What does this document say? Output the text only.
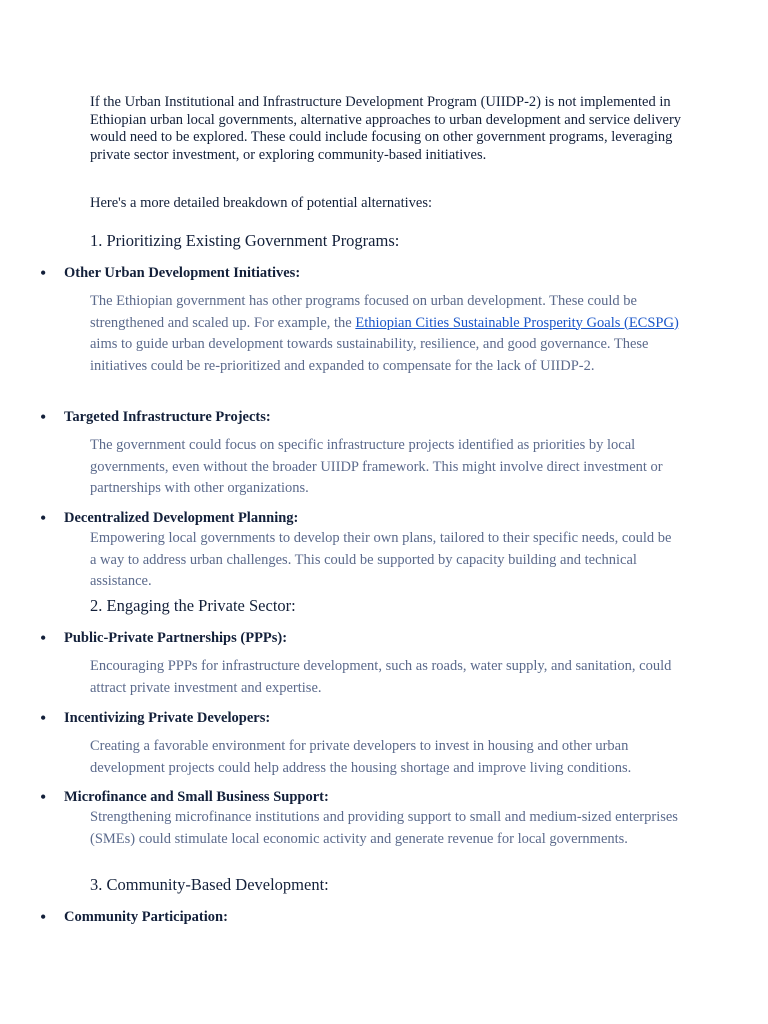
If the Urban Institutional and Infrastructure Development Program (UIIDP-2) is not implemented in Ethiopian urban local governments, alternative approaches to urban development and service delivery would need to be explored. These could include focusing on other government programs, leveraging private sector investment, or exploring community-based initiatives.

Here's a more detailed breakdown of potential alternatives:

1. Prioritizing Existing Government Programs:
• Other Urban Development Initiatives:

The Ethiopian government has other programs focused on urban development. These could be strengthened and scaled up. For example, the Ethiopian Cities Sustainable Prosperity Goals (ECSPG) aims to guide urban development towards sustainability, resilience, and good governance. These initiatives could be re-prioritized and expanded to compensate for the lack of UIIDP-2.

• Targeted Infrastructure Projects:

The government could focus on specific infrastructure projects identified as priorities by local governments, even without the broader UIIDP framework. This might involve direct investment or partnerships with other organizations.

• Decentralized Development Planning:

Empowering local governments to develop their own plans, tailored to their specific needs, could be a way to address urban challenges. This could be supported by capacity building and technical assistance.

2. Engaging the Private Sector:
• Public-Private Partnerships (PPPs):

Encouraging PPPs for infrastructure development, such as roads, water supply, and sanitation, could attract private investment and expertise.

• Incentivizing Private Developers:

Creating a favorable environment for private developers to invest in housing and other urban development projects could help address the housing shortage and improve living conditions.

• Microfinance and Small Business Support:

Strengthening microfinance institutions and providing support to small and medium-sized enterprises (SMEs) could stimulate local economic activity and generate revenue for local governments.

3. Community-Based Development:
• Community Participation:
